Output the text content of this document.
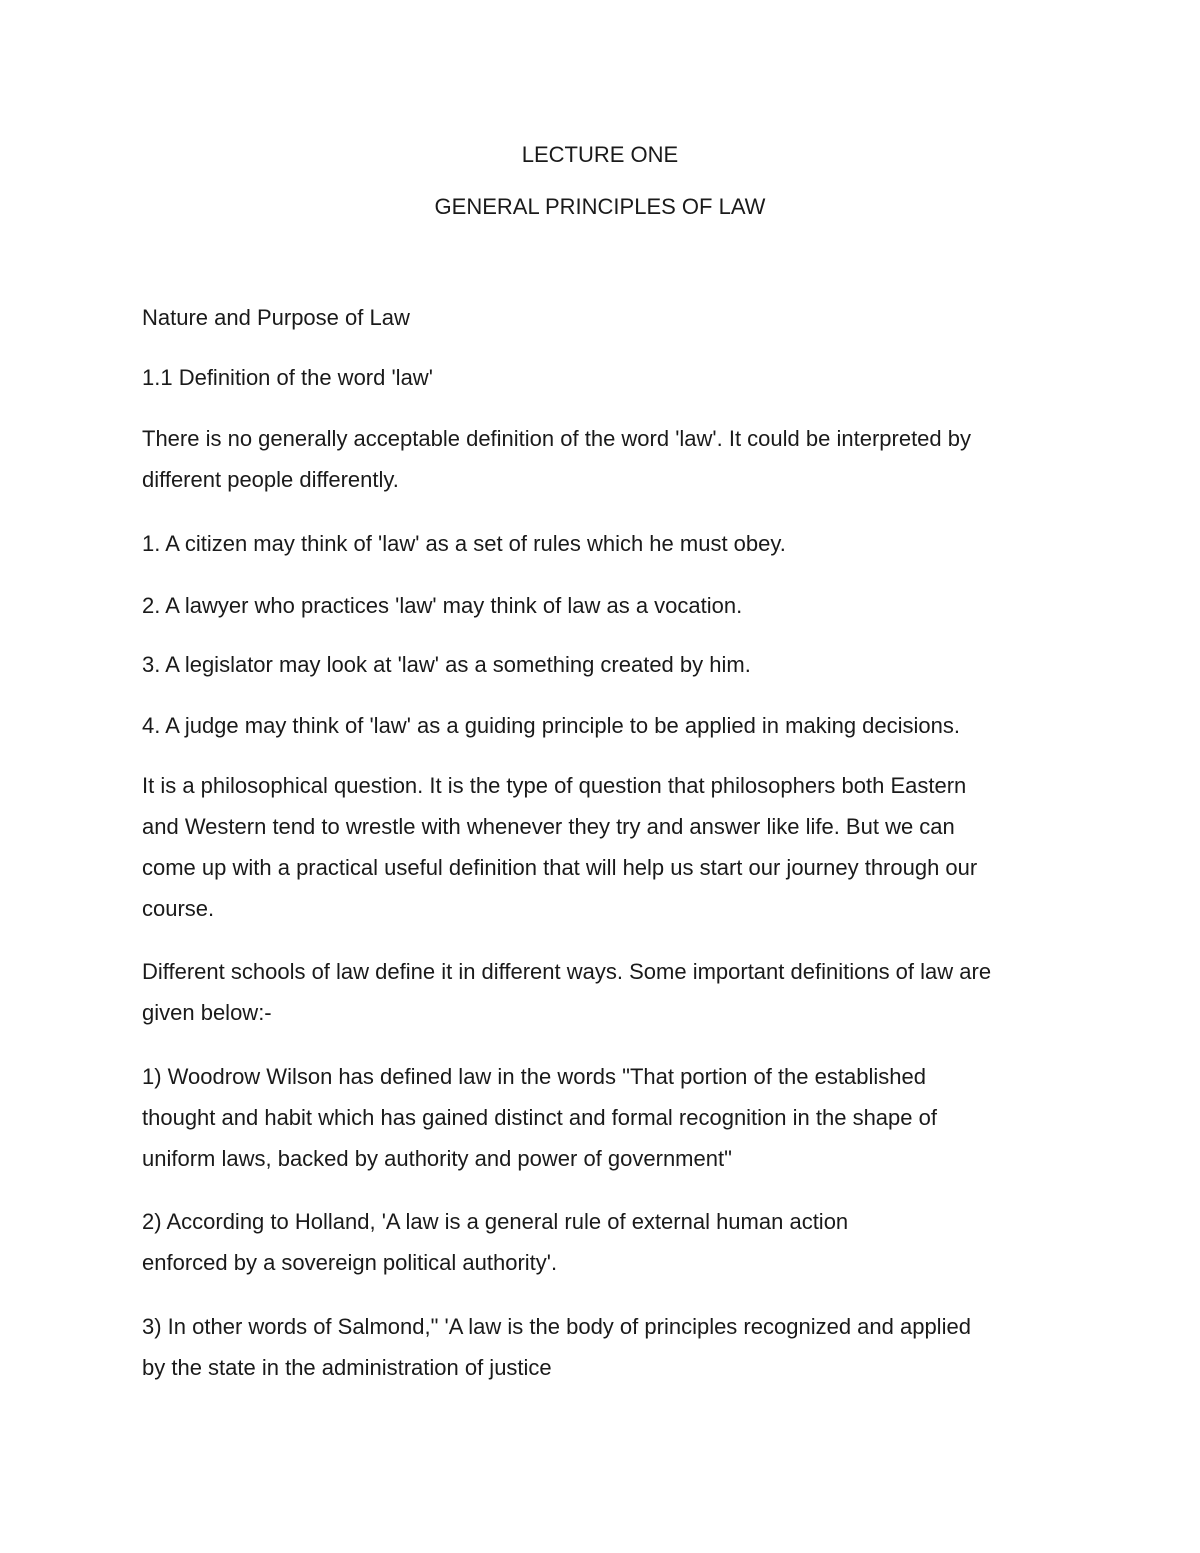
LECTURE ONE
GENERAL PRINCIPLES OF LAW
Nature and Purpose of Law
1.1 Definition of the word 'law'
There is no generally acceptable definition of the word 'law'. It could be interpreted by
different people differently.
1. A citizen may think of 'law' as a set of rules which he must obey.
2. A lawyer who practices 'law' may think of law as a vocation.
3. A legislator may look at 'law' as a something created by him.
4. A judge may think of 'law' as a guiding principle to be applied in making decisions.
It is a philosophical question. It is the type of question that philosophers both Eastern
and Western tend to wrestle with whenever they try and answer like life. But we can
come up with a practical useful definition that will help us start our journey through our
course.
Different schools of law define it in different ways. Some important definitions of law are
given below:-
1) Woodrow Wilson has defined law in the words "That portion of the established
thought and habit which has gained distinct and formal recognition in the shape of
uniform laws, backed by authority and power of government"
2) According to Holland, 'A law is a general rule of external human action
enforced by a sovereign political authority'.
3) In other words of Salmond," 'A law is the body of principles recognized and applied
by the state in the administration of justice
